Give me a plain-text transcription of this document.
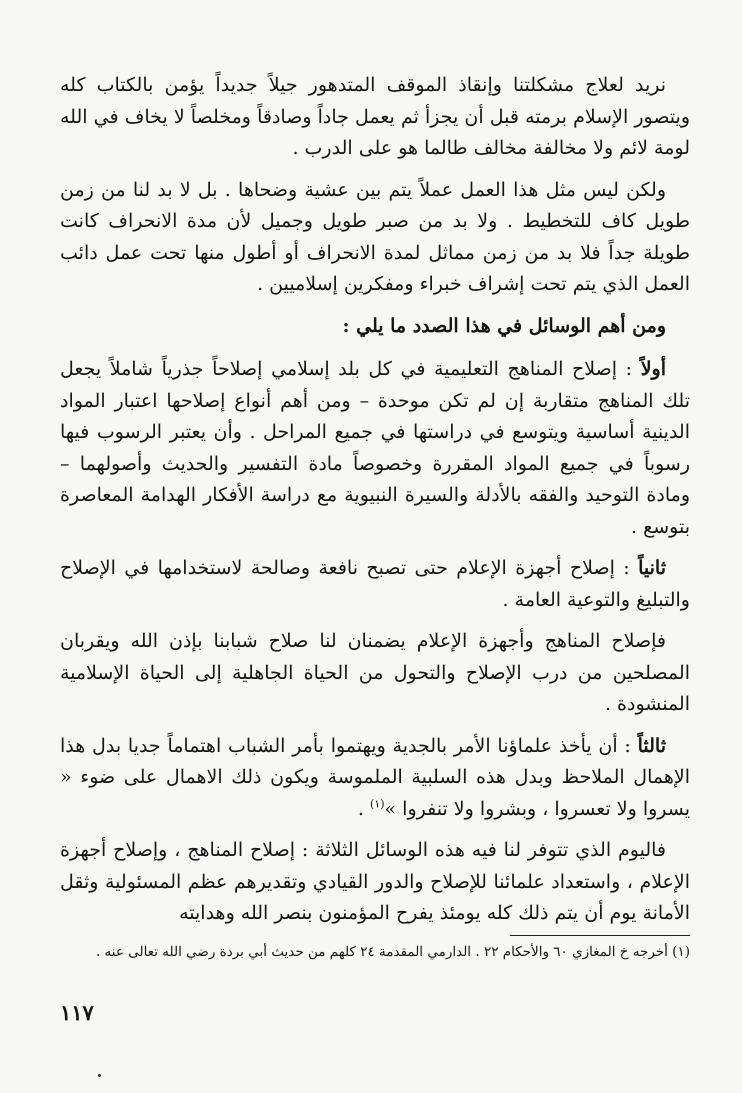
نريد لعلاج مشكلتنا وإنقاذ الموقف المتدهور جيلاً جديداً يؤمن بالكتاب كله ويتصور الإسلام برمته قبل أن يجزأ ثم يعمل جاداً وصادقاً ومخلصاً لا يخاف في الله لومة لائم ولا مخالفة مخالف طالما هو على الدرب .

ولكن ليس مثل هذا العمل عملاً يتم بين عشية وضحاها . بل لا بد لنا من زمن طويل كاف للتخطيط . ولا بد من صبر طويل وجميل لأن مدة الانحراف كانت طويلة جداً فلا بد من زمن مماثل لمدة الانحراف أو أطول منها تحت عمل دائب العمل الذي يتم تحت إشراف خبراء ومفكرين إسلاميين .

ومن أهم الوسائل في هذا الصدد ما يلي :

أولاً : إصلاح المناهج التعليمية في كل بلد إسلامي إصلاحاً جذرياً شاملاً يجعل تلك المناهج متقاربة إن لم تكن موحدة – ومن أهم أنواع إصلاحها اعتبار المواد الدينية أساسية ويتوسع في دراستها في جميع المراحل . وأن يعتبر الرسوب فيها رسوباً في جميع المواد المقررة وخصوصاً مادة التفسير والحديث وأصولهما – ومادة التوحيد والفقه بالأدلة والسيرة النبيوية مع دراسة الأفكار الهدامة المعاصرة بتوسع .

ثانياً : إصلاح أجهزة الإعلام حتى تصبح نافعة وصالحة لاستخدامها في الإصلاح والتبليغ والتوعية العامة .

فإصلاح المناهج وأجهزة الإعلام يضمنان لنا صلاح شبابنا بإذن الله ويقربان المصلحين من درب الإصلاح والتحول من الحياة الجاهلية إلى الحياة الإسلامية المنشودة .

ثالثاً : أن يأخذ علماؤنا الأمر بالجدية ويهتموا بأمر الشباب اهتماماً جديا بدل هذا الإهمال الملاحظ وبدل هذه السلبية الملموسة ويكون ذلك الاهمال على ضوء « يسروا ولا تعسروا ، وبشروا ولا تنفروا »$^{(١)}$ .

فاليوم الذي تتوفر لنا فيه هذه الوسائل الثلاثة : إصلاح المناهج ، وإصلاح أجهزة الإعلام ، واستعداد علمائنا للإصلاح والدور القيادي وتقديرهم عظم المسئولية وثقل الأمانة يوم أن يتم ذلك كله يومئذ يفرح المؤمنون بنصر الله وهدايته

(١) أخرجه خ المغازي ٦٠ والأحكام ٢٢ . الدارمي المقدمة ٢٤ كلهم من حديث أبي بردة رضي الله تعالى عنه .
١١٧
